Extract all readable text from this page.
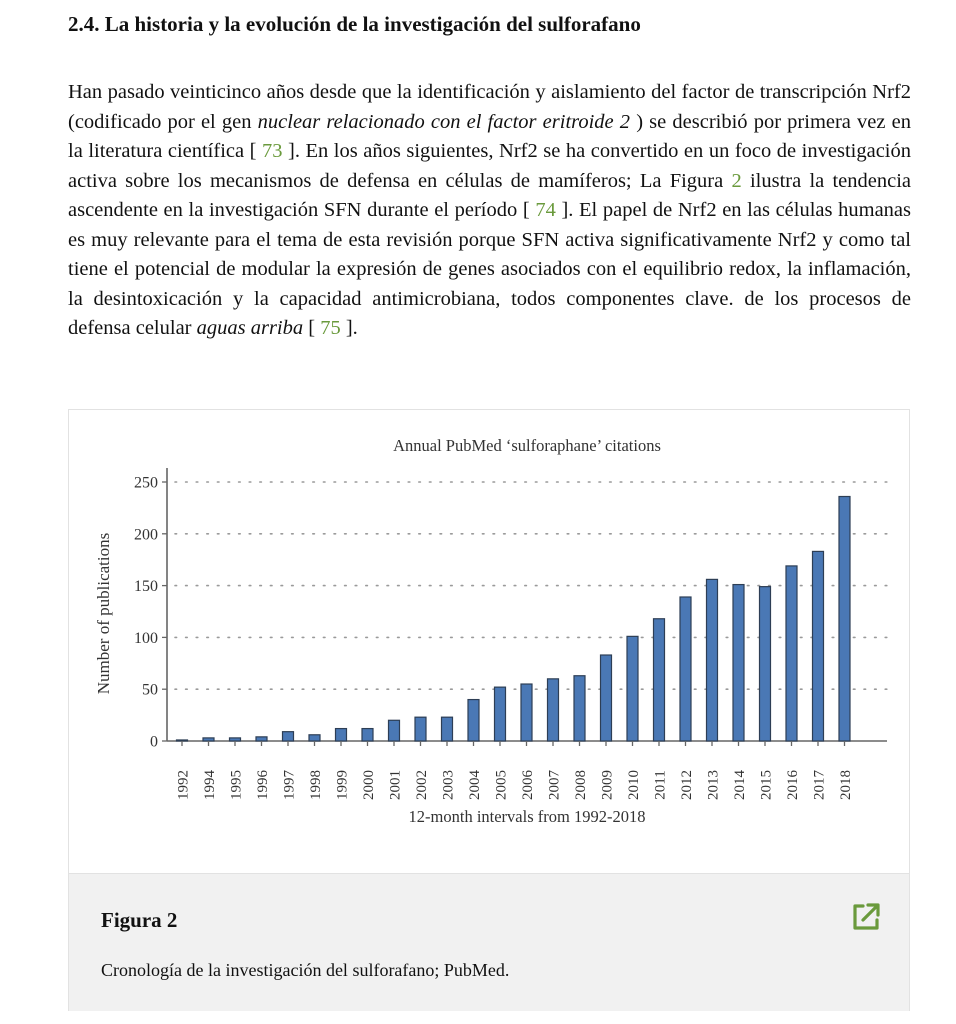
2.4. La historia y la evolución de la investigación del sulforafano

Han pasado veinticinco años desde que la identificación y aislamiento del factor de transcripción Nrf2 (codificado por el gen nuclear relacionado con el factor eritroide 2 ) se describió por primera vez en la literatura científica [ 73 ]. En los años siguientes, Nrf2 se ha convertido en un foco de investigación activa sobre los mecanismos de defensa en células de mamíferos; La Figura 2 ilustra la tendencia ascendente en la investigación SFN durante el período [ 74 ]. El papel de Nrf2 en las células humanas es muy relevante para el tema de esta revisión porque SFN activa significativamente Nrf2 y como tal tiene el potencial de modular la expresión de genes asociados con el equilibrio redox, la inflamación, la desintoxicación y la capacidad antimicrobiana, todos componentes clave. de los procesos de defensa celular aguas arriba [ 75 ].

Annual PubMed ‘sulforaphane’ citations
0
50
100
150
200
250
Number of publications
1992 1994 1995 1996 1997 1998 1999 2000 2001 2002 2003 2004 2005 2006 2007 2008 2009 2010 2011 2012 2013 2014 2015 2016 2017 2018
12-month intervals from 1992-2018
Figura 2
Cronología de la investigación del sulforafano; PubMed.
